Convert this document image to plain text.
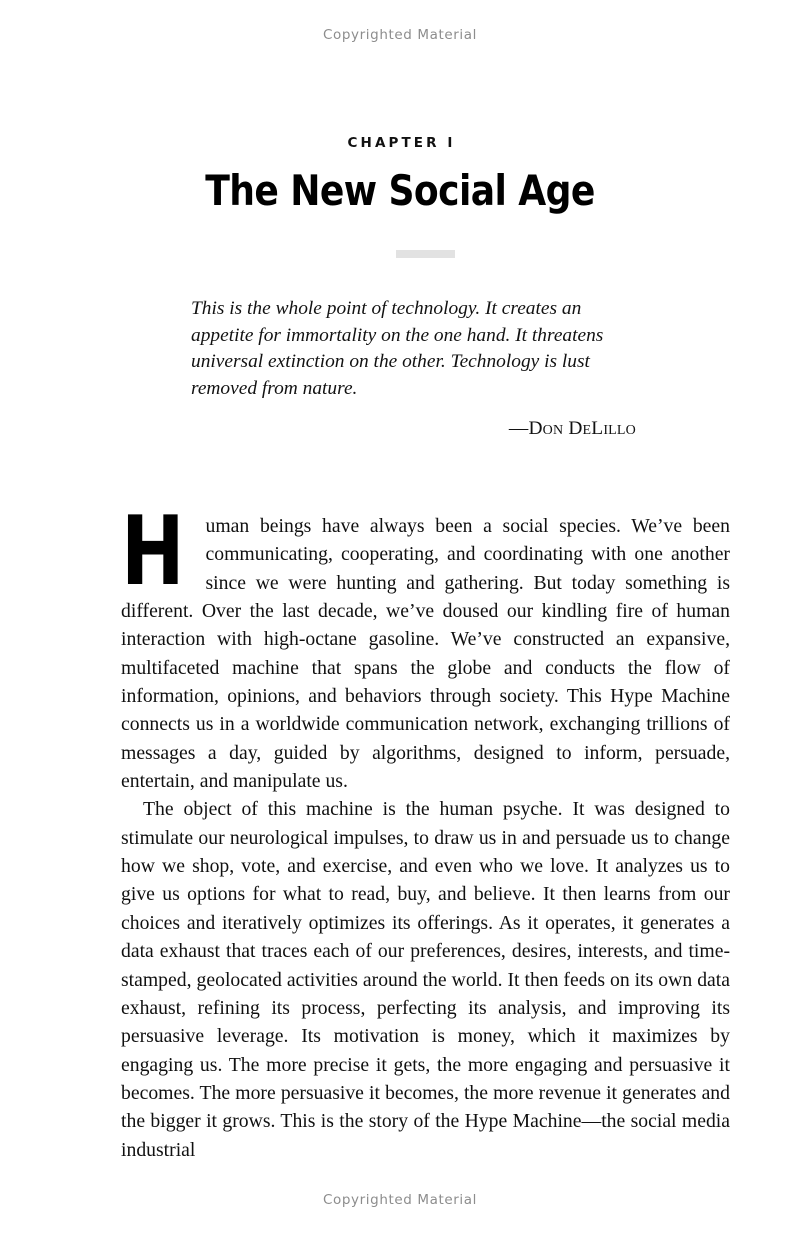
Copyrighted Material
CHAPTER I
The New Social Age

This is the whole point of technology. It creates an appetite for immortality on the one hand. It threatens universal extinction on the other. Technology is lust removed from nature.

—Don DeLillo

H uman beings have always been a social species. We’ve been communicating, cooperating, and coordinating with one another since we were hunting and gathering. But today something is different. Over the last decade, we’ve doused our kindling fire of human interaction with high-octane gasoline. We’ve constructed an expansive, multifaceted machine that spans the globe and conducts the flow of information, opinions, and behaviors through society. This Hype Machine connects us in a worldwide communication network, exchanging trillions of messages a day, guided by algorithms, designed to inform, persuade, entertain, and manipulate us.

The object of this machine is the human psyche. It was designed to stimulate our neurological impulses, to draw us in and persuade us to change how we shop, vote, and exercise, and even who we love. It analyzes us to give us options for what to read, buy, and believe. It then learns from our choices and iteratively optimizes its offerings. As it operates, it generates a data exhaust that traces each of our preferences, desires, interests, and time-stamped, geolocated activities around the world. It then feeds on its own data exhaust, refining its process, perfecting its analysis, and improving its persuasive leverage. Its motivation is money, which it maximizes by engaging us. The more precise it gets, the more engaging and persuasive it becomes. The more persuasive it becomes, the more revenue it generates and the bigger it grows. This is the story of the Hype Machine—the social media industrial

Copyrighted Material
